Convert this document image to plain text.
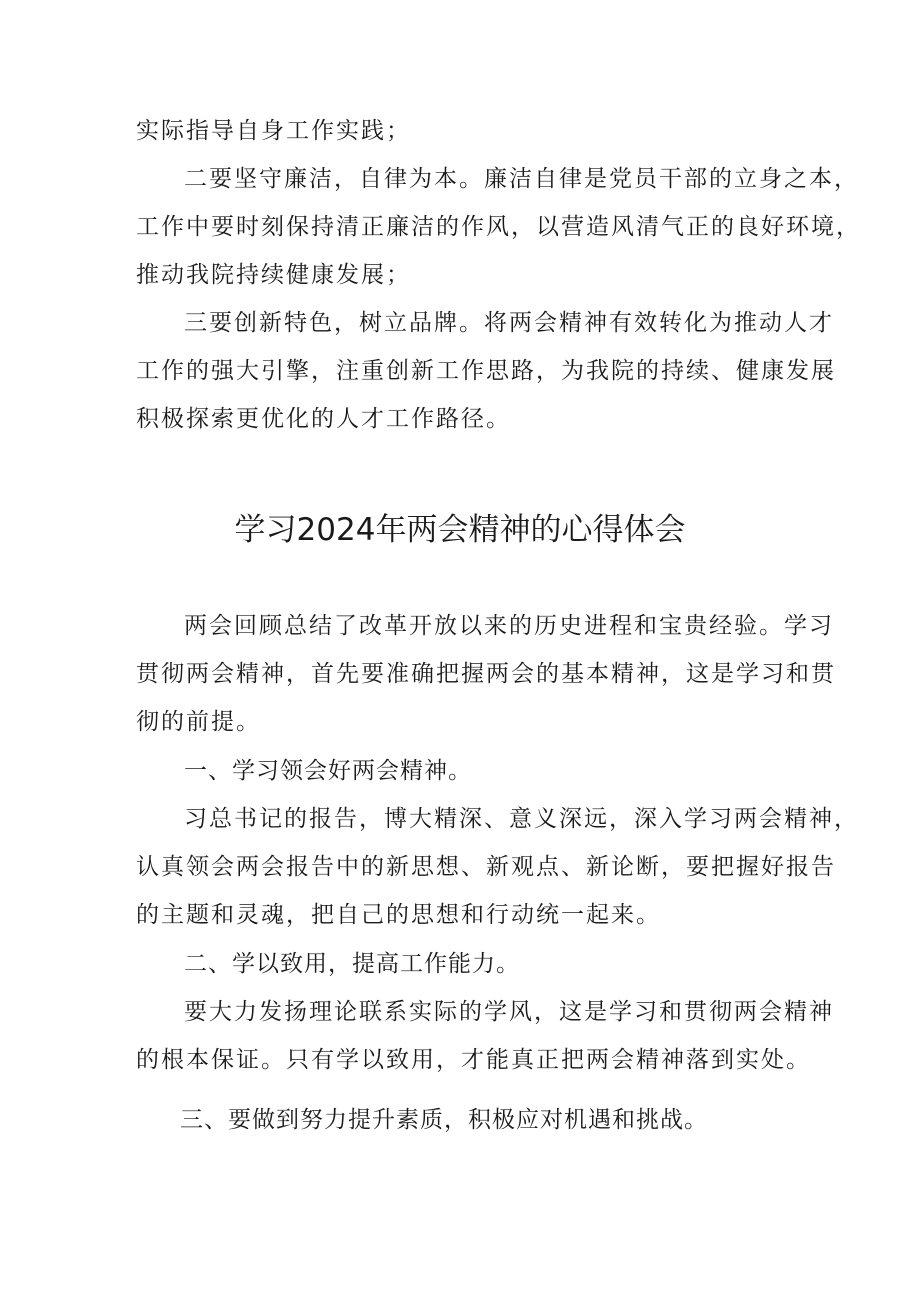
实际指导自身工作实践；
二要坚守廉洁，自律为本。廉洁自律是党员干部的立身之本，
工作中要时刻保持清正廉洁的作风，以营造风清气正的良好环境，
推动我院持续健康发展；
三要创新特色，树立品牌。将两会精神有效转化为推动人才
工作的强大引擎，注重创新工作思路，为我院的持续、健康发展
积极探索更优化的人才工作路径。
学习2024年两会精神的心得体会
两会回顾总结了改革开放以来的历史进程和宝贵经验。学习
贯彻两会精神，首先要准确把握两会的基本精神，这是学习和贯
彻的前提。
一、学习领会好两会精神。
习总书记的报告，博大精深、意义深远，深入学习两会精神，
认真领会两会报告中的新思想、新观点、新论断，要把握好报告
的主题和灵魂，把自己的思想和行动统一起来。
二、学以致用，提高工作能力。
要大力发扬理论联系实际的学风，这是学习和贯彻两会精神
的根本保证。只有学以致用，才能真正把两会精神落到实处。
三、要做到努力提升素质，积极应对机遇和挑战。
